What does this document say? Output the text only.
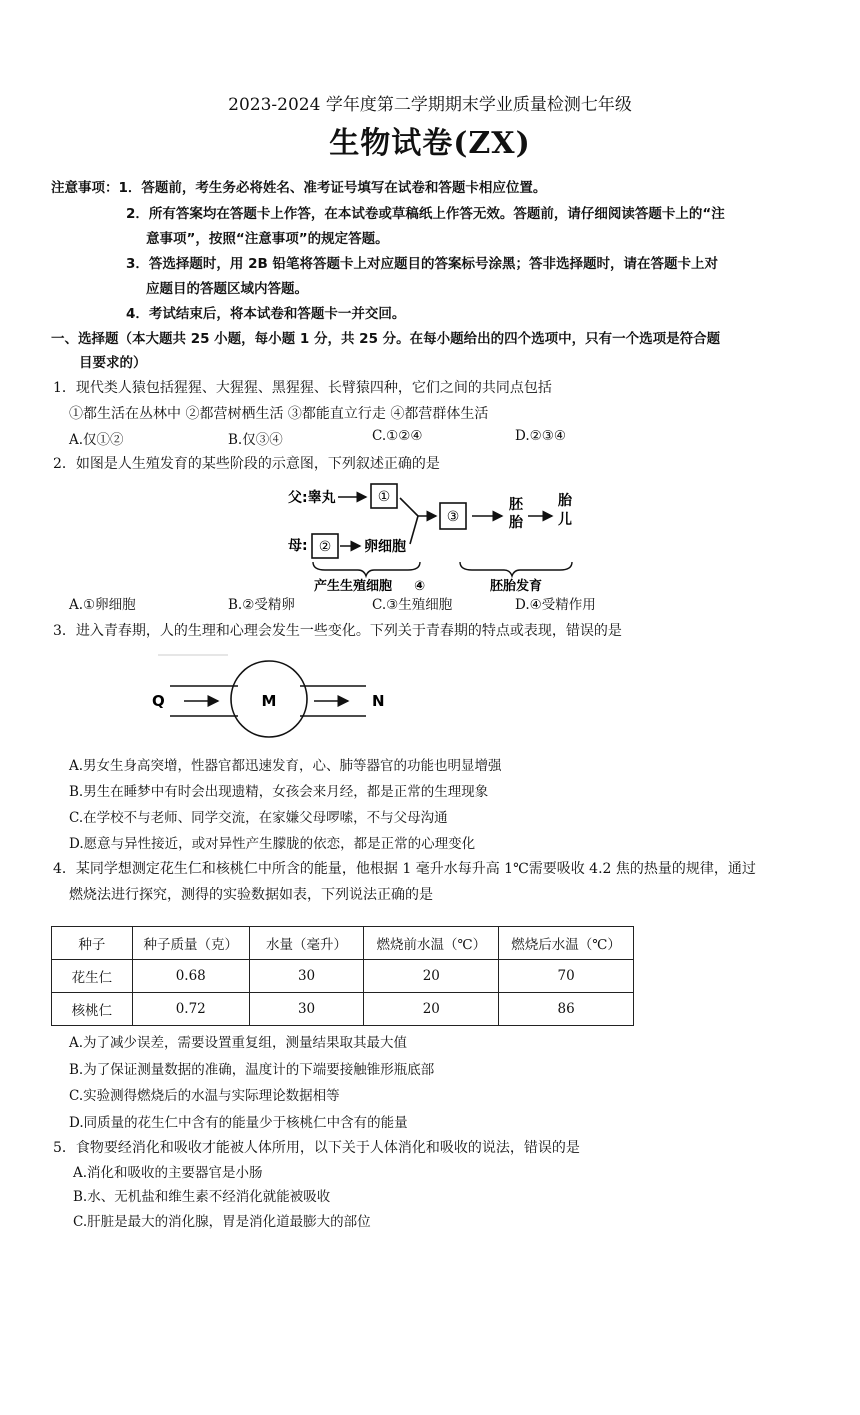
2023-2024 学年度第二学期期末学业质量检测七年级
生物试卷(ZX)
注意事项：1．答题前，考生务必将姓名、准考证号填写在试卷和答题卡相应位置。
2．所有答案均在答题卡上作答，在本试卷或草稿纸上作答无效。答题前，请仔细阅读答题卡上的“注
意事项”，按照“注意事项”的规定答题。
3．答选择题时，用 2B 铅笔将答题卡上对应题目的答案标号涂黑；答非选择题时，请在答题卡上对
应题目的答题区域内答题。
4．考试结束后，将本试卷和答题卡一并交回。
一、选择题（本大题共 25 小题，每小题 1 分，共 25 分。在每小题给出的四个选项中，只有一个选项是符合题
目要求的）
1．现代类人猿包括猩猩、大猩猩、黑猩猩、长臂猿四种，它们之间的共同点包括
①都生活在丛林中 ②都营树栖生活 ③都能直立行走 ④都营群体生活
A.仅①②	B.仅③④	C.①②④	D.②③④
2．如图是人生殖发育的某些阶段的示意图，下列叙述正确的是
父:睾丸	①
母: ② 卵细胞
③
胚
胎
胎
儿
产生生殖细胞 ④	胚胎发育
A.①卵细胞	B.②受精卵	C.③生殖细胞	D.④受精作用
3．进入青春期，人的生理和心理会发生一些变化。下列关于青春期的特点或表现，错误的是
Q	M	N
A.男女生身高突增，性器官都迅速发育，心、肺等器官的功能也明显增强
B.男生在睡梦中有时会出现遗精，女孩会来月经，都是正常的生理现象
C.在学校不与老师、同学交流，在家嫌父母啰嗦，不与父母沟通
D.愿意与异性接近，或对异性产生朦胧的依恋，都是正常的心理变化
4．某同学想测定花生仁和核桃仁中所含的能量，他根据 1 毫升水每升高 1℃需要吸收 4.2 焦的热量的规律，通过
燃烧法进行探究，测得的实验数据如表，下列说法正确的是
种子	种子质量（克）	水量（毫升）	燃烧前水温（℃）	燃烧后水温（℃）
花生仁	0.68	30	20	70
核桃仁	0.72	30	20	86
A.为了减少误差，需要设置重复组，测量结果取其最大值
B.为了保证测量数据的准确，温度计的下端要接触锥形瓶底部
C.实验测得燃烧后的水温与实际理论数据相等
D.同质量的花生仁中含有的能量少于核桃仁中含有的能量
5．食物要经消化和吸收才能被人体所用，以下关于人体消化和吸收的说法，错误的是
A.消化和吸收的主要器官是小肠
B.水、无机盐和维生素不经消化就能被吸收
C.肝脏是最大的消化腺，胃是消化道最膨大的部位
